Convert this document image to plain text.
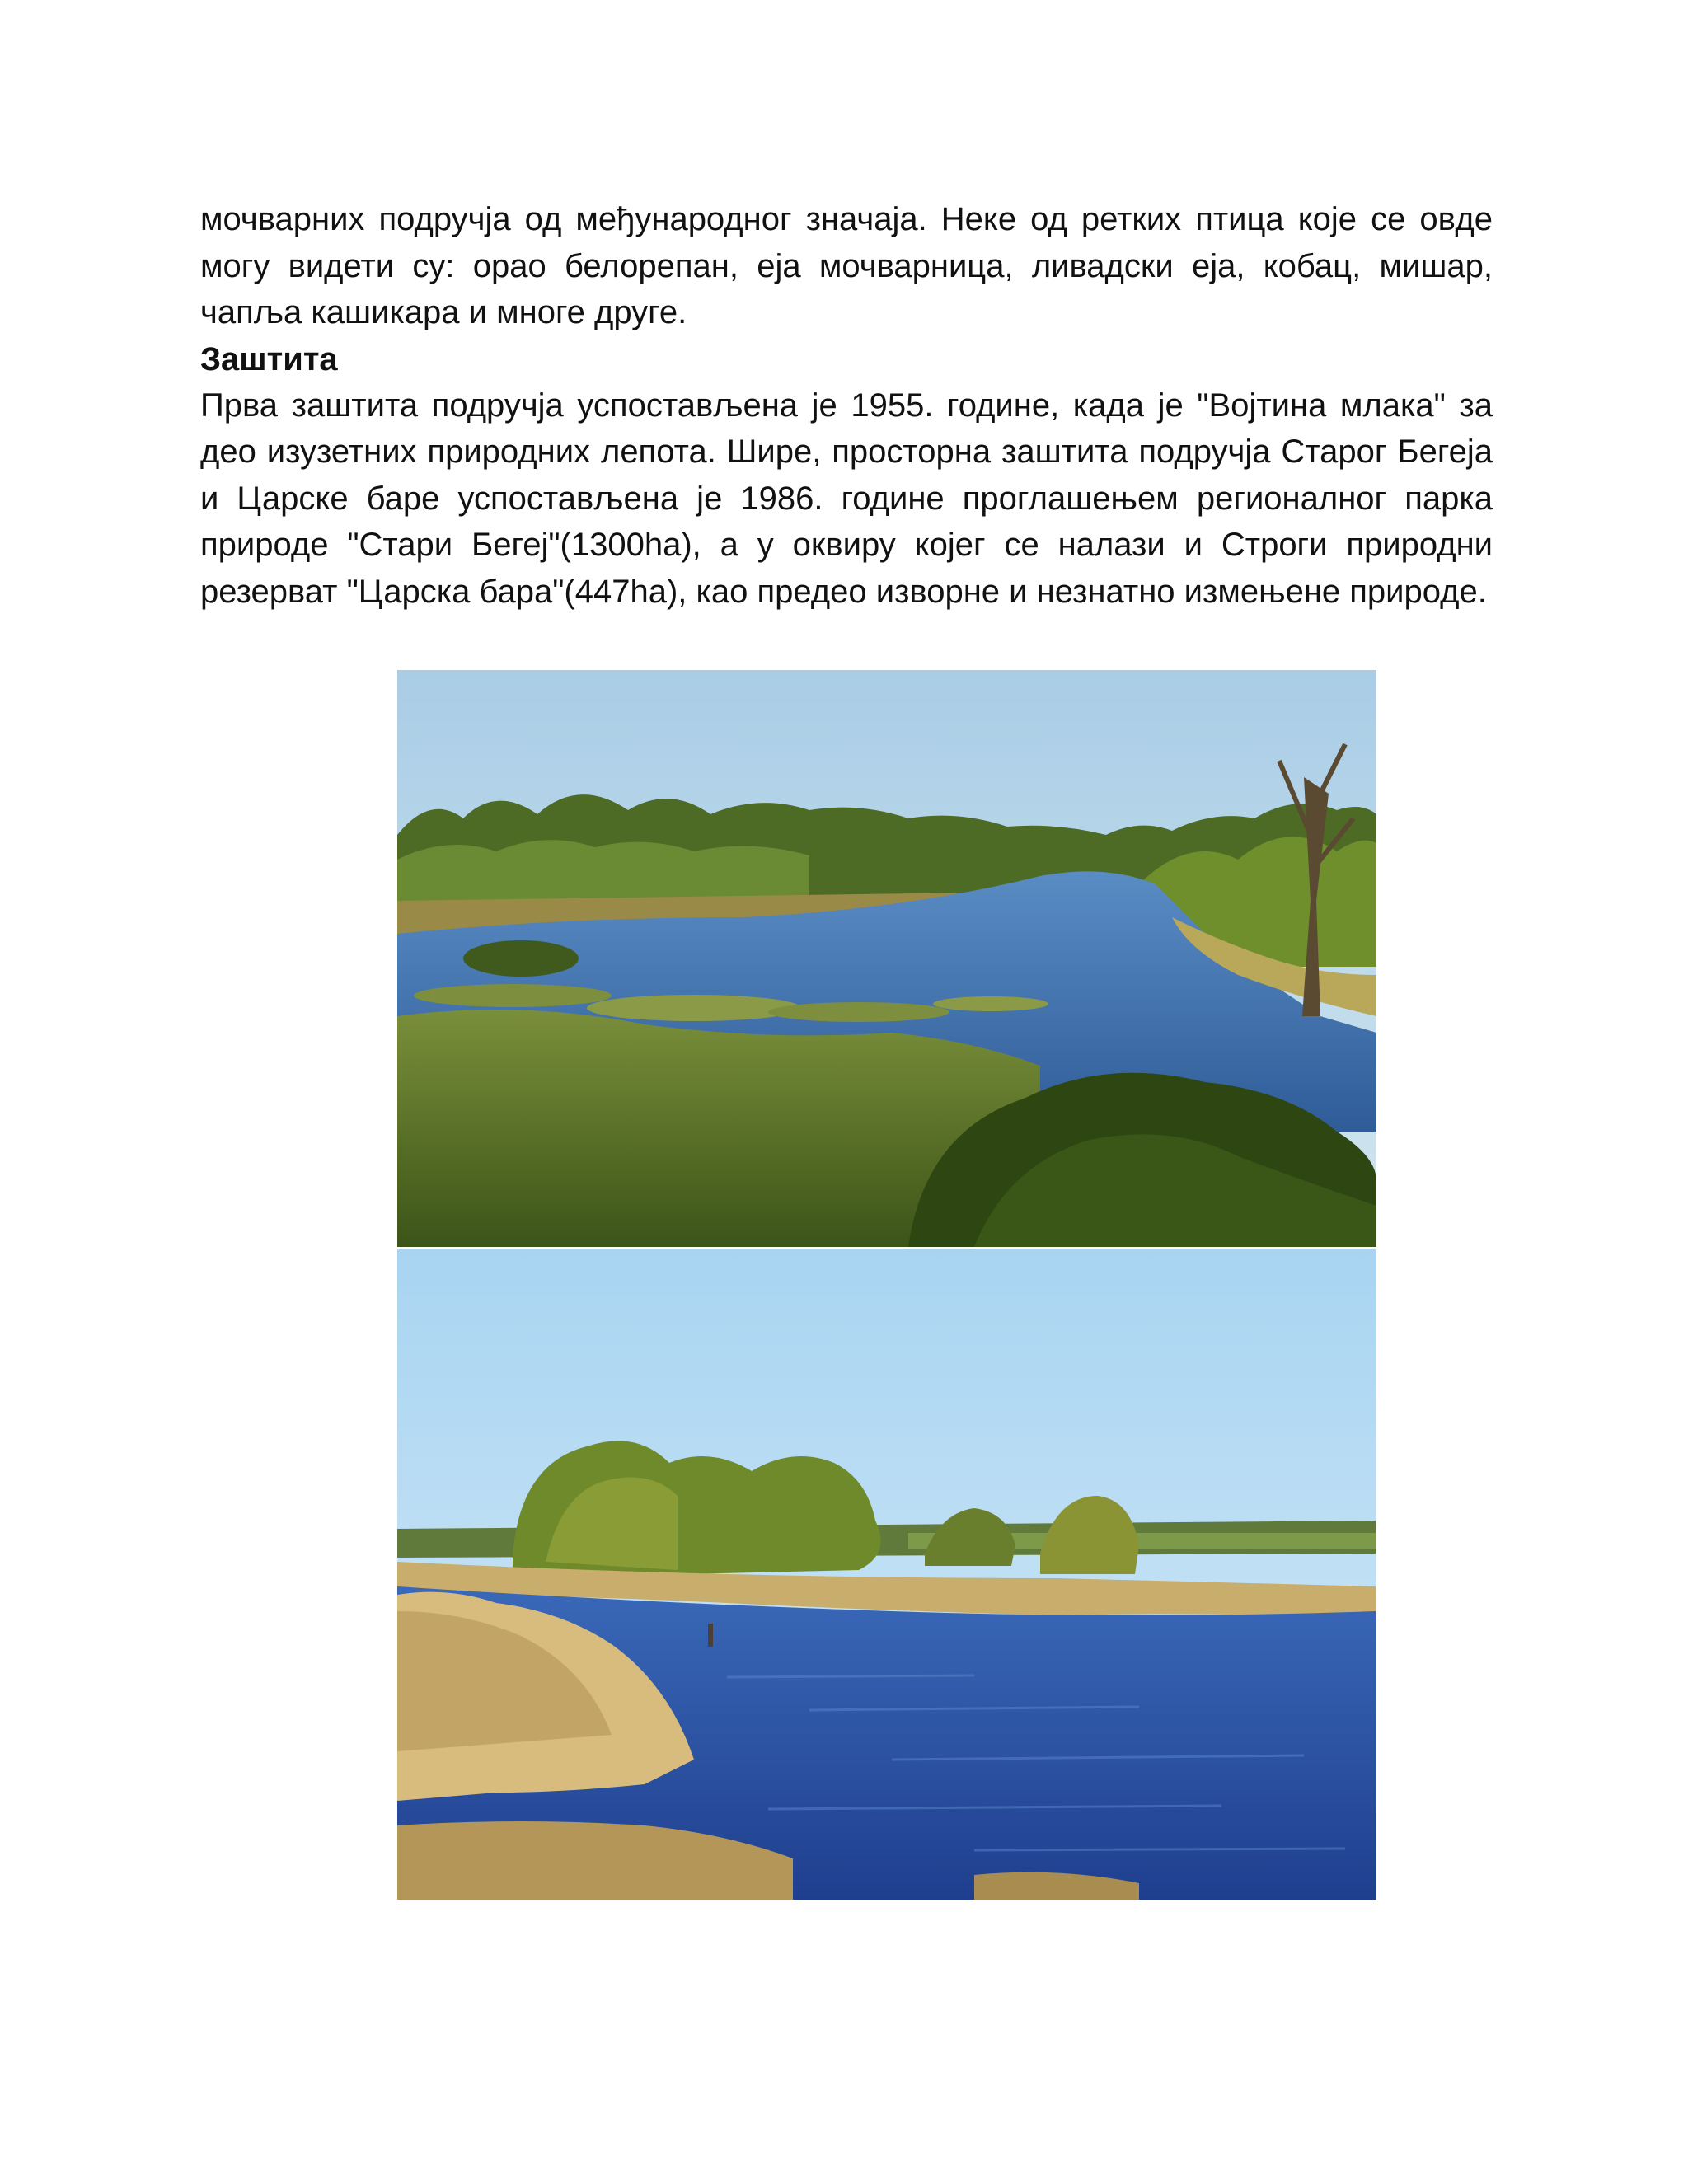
мочварних подручја од међународног значаја. Неке од ретких птица које се овде могу видети су: орао белорепан, еја мочварница, ливадски еја, кобац, мишар, чапља кашикара и многе друге.

Заштита

Прва заштита подручја успостављена је 1955. године, када је "Војтина млака" за део изузетних природних лепота. Шире, просторна заштита подручја Старог Бегеја и Царске баре успостављена је 1986. године проглашењем регионалног парка природе "Стари Бегеј"(1300ha), а у оквиру којег се налази и Строги природни резерват "Царска бара"(447ha), као предео изворне и незнатно измењене природе.
